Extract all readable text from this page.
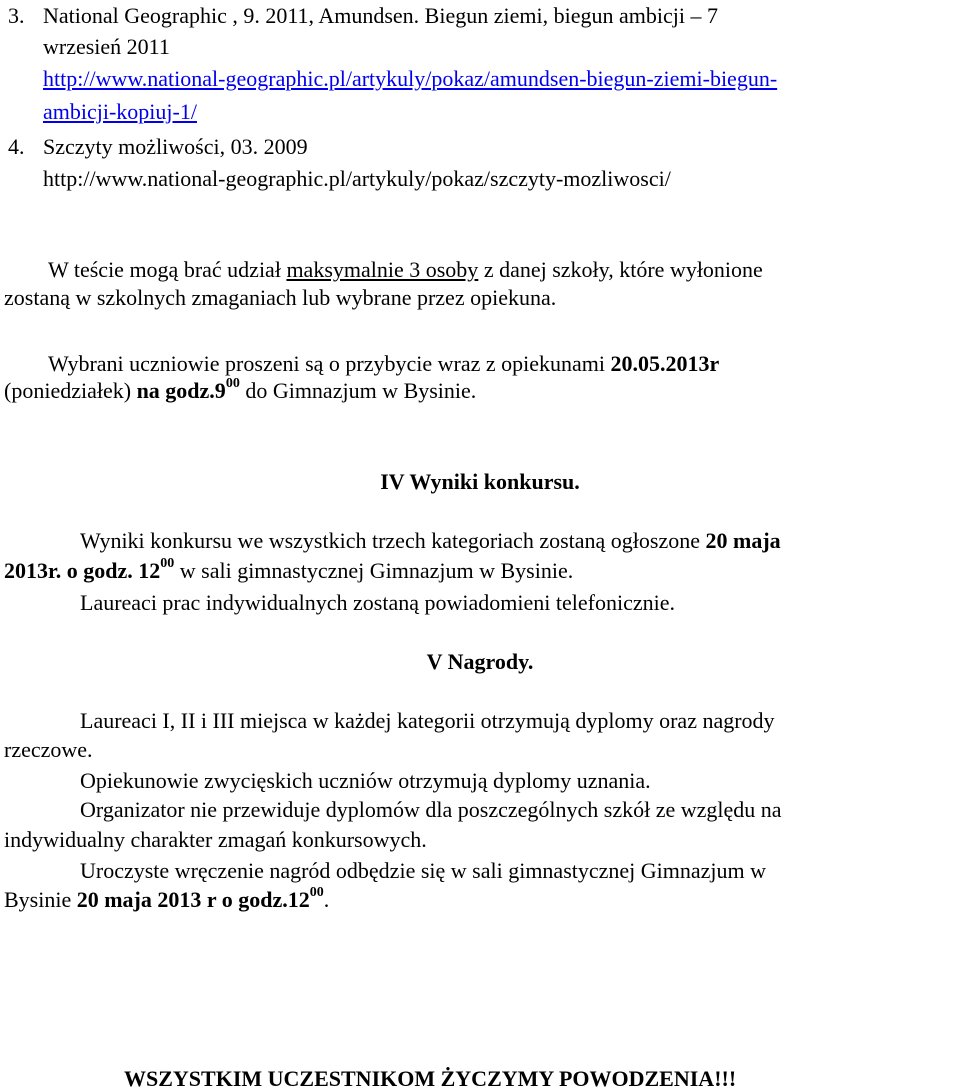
3. National Geographic , 9. 2011, Amundsen. Biegun ziemi, biegun ambicji – 7
wrzesień 2011
http://www.national-geographic.pl/artykuly/pokaz/amundsen-biegun-ziemi-biegun-
ambicji-kopiuj-1/
4. Szczyty możliwości, 03. 2009
http://www.national-geographic.pl/artykuly/pokaz/szczyty-mozliwosci/
W teście mogą brać udział maksymalnie 3 osoby z danej szkoły, które wyłonione
zostaną w szkolnych zmaganiach lub wybrane przez opiekuna.
Wybrani uczniowie proszeni są o przybycie wraz z opiekunami 20.05.2013r
(poniedziałek) na $godz.9^{00}$ do Gimnazjum w Bysinie.
IV Wyniki konkursu.
Wyniki konkursu we wszystkich trzech kategoriach zostaną ogłoszone 20 maja
2013r. o godz. $12^{00}$ w sali gimnastycznej Gimnazjum w Bysinie.
Laureaci prac indywidualnych zostaną powiadomieni telefonicznie.
V Nagrody.
Laureaci I, II i III miejsca w każdej kategorii otrzymują dyplomy oraz nagrody
rzeczowe.
Opiekunowie zwycięskich uczniów otrzymują dyplomy uznania.
Organizator nie przewiduje dyplomów dla poszczególnych szkół ze względu na
indywidualny charakter zmagań konkursowych.
Uroczyste wręczenie nagród odbędzie się w sali gimnastycznej Gimnazjum w
Bysinie 20 maja 2013 r o $godz.12^{00}$.
WSZYSTKIM UCZESTNIKOM ŻYCZYMY POWODZENIA!!!
